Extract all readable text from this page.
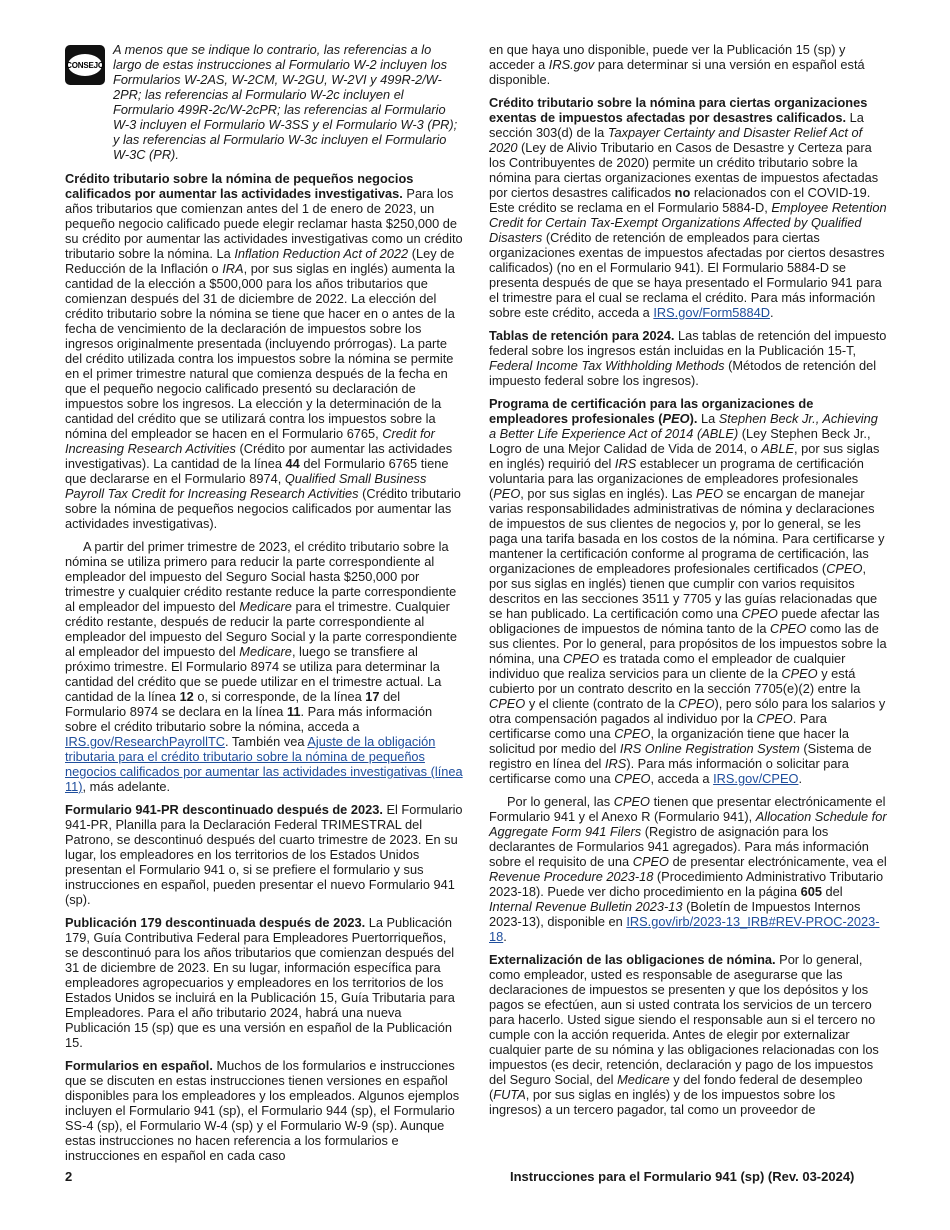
CONSEJO
A menos que se indique lo contrario, las referencias a lo largo de estas instrucciones al Formulario W-2 incluyen los Formularios W-2AS, W-2CM, W-2GU, W-2VI y 499R-2/W-2PR; las referencias al Formulario W-2c incluyen el Formulario 499R-2c/W-2cPR; las referencias al Formulario W-3 incluyen el Formulario W-3SS y el Formulario W-3 (PR); y las referencias al Formulario W-3c incluyen el Formulario W-3C (PR).

Crédito tributario sobre la nómina de pequeños negocios calificados por aumentar las actividades investigativas. Para los años tributarios que comienzan antes del 1 de enero de 2023, un pequeño negocio calificado puede elegir reclamar hasta $250,000 de su crédito por aumentar las actividades investigativas como un crédito tributario sobre la nómina. La Inflation Reduction Act of 2022 (Ley de Reducción de la Inflación o IRA, por sus siglas en inglés) aumenta la cantidad de la elección a $500,000 para los años tributarios que comienzan después del 31 de diciembre de 2022. La elección del crédito tributario sobre la nómina se tiene que hacer en o antes de la fecha de vencimiento de la declaración de impuestos sobre los ingresos originalmente presentada (incluyendo prórrogas). La parte del crédito utilizada contra los impuestos sobre la nómina se permite en el primer trimestre natural que comienza después de la fecha en que el pequeño negocio calificado presentó su declaración de impuestos sobre los ingresos. La elección y la determinación de la cantidad del crédito que se utilizará contra los impuestos sobre la nómina del empleador se hacen en el Formulario 6765, Credit for Increasing Research Activities (Crédito por aumentar las actividades investigativas). La cantidad de la línea 44 del Formulario 6765 tiene que declararse en el Formulario 8974, Qualified Small Business Payroll Tax Credit for Increasing Research Activities (Crédito tributario sobre la nómina de pequeños negocios calificados por aumentar las actividades investigativas).

A partir del primer trimestre de 2023, el crédito tributario sobre la nómina se utiliza primero para reducir la parte correspondiente al empleador del impuesto del Seguro Social hasta $250,000 por trimestre y cualquier crédito restante reduce la parte correspondiente al empleador del impuesto del Medicare para el trimestre. Cualquier crédito restante, después de reducir la parte correspondiente al empleador del impuesto del Seguro Social y la parte correspondiente al empleador del impuesto del Medicare, luego se transfiere al próximo trimestre. El Formulario 8974 se utiliza para determinar la cantidad del crédito que se puede utilizar en el trimestre actual. La cantidad de la línea 12 o, si corresponde, de la línea 17 del Formulario 8974 se declara en la línea 11. Para más información sobre el crédito tributario sobre la nómina, acceda a IRS.gov/ResearchPayrollTC. También vea Ajuste de la obligación tributaria para el crédito tributario sobre la nómina de pequeños negocios calificados por aumentar las actividades investigativas (línea 11), más adelante.

Formulario 941-PR descontinuado después de 2023. El Formulario 941-PR, Planilla para la Declaración Federal TRIMESTRAL del Patrono, se descontinuó después del cuarto trimestre de 2023. En su lugar, los empleadores en los territorios de los Estados Unidos presentan el Formulario 941 o, si se prefiere el formulario y sus instrucciones en español, pueden presentar el nuevo Formulario 941 (sp).

Publicación 179 descontinuada después de 2023. La Publicación 179, Guía Contributiva Federal para Empleadores Puertorriqueños, se descontinuó para los años tributarios que comienzan después del 31 de diciembre de 2023. En su lugar, información específica para empleadores agropecuarios y empleadores en los territorios de los Estados Unidos se incluirá en la Publicación 15, Guía Tributaria para Empleadores. Para el año tributario 2024, habrá una nueva Publicación 15 (sp) que es una versión en español de la Publicación 15.

Formularios en español. Muchos de los formularios e instrucciones que se discuten en estas instrucciones tienen versiones en español disponibles para los empleadores y los empleados. Algunos ejemplos incluyen el Formulario 941 (sp), el Formulario 944 (sp), el Formulario SS-4 (sp), el Formulario W-4 (sp) y el Formulario W-9 (sp). Aunque estas instrucciones no hacen referencia a los formularios e instrucciones en español en cada caso

en que haya uno disponible, puede ver la Publicación 15 (sp) y acceder a IRS.gov para determinar si una versión en español está disponible.

Crédito tributario sobre la nómina para ciertas organizaciones exentas de impuestos afectadas por desastres calificados. La sección 303(d) de la Taxpayer Certainty and Disaster Relief Act of 2020 (Ley de Alivio Tributario en Casos de Desastre y Certeza para los Contribuyentes de 2020) permite un crédito tributario sobre la nómina para ciertas organizaciones exentas de impuestos afectadas por ciertos desastres calificados no relacionados con el COVID-19. Este crédito se reclama en el Formulario 5884-D, Employee Retention Credit for Certain Tax-Exempt Organizations Affected by Qualified Disasters (Crédito de retención de empleados para ciertas organizaciones exentas de impuestos afectadas por ciertos desastres calificados) (no en el Formulario 941). El Formulario 5884-D se presenta después de que se haya presentado el Formulario 941 para el trimestre para el cual se reclama el crédito. Para más información sobre este crédito, acceda a IRS.gov/Form5884D.

Tablas de retención para 2024. Las tablas de retención del impuesto federal sobre los ingresos están incluidas en la Publicación 15-T, Federal Income Tax Withholding Methods (Métodos de retención del impuesto federal sobre los ingresos).

Programa de certificación para las organizaciones de empleadores profesionales (PEO). La Stephen Beck Jr., Achieving a Better Life Experience Act of 2014 (ABLE) (Ley Stephen Beck Jr., Logro de una Mejor Calidad de Vida de 2014, o ABLE, por sus siglas en inglés) requirió del IRS establecer un programa de certificación voluntaria para las organizaciones de empleadores profesionales (PEO, por sus siglas en inglés). Las PEO se encargan de manejar varias responsabilidades administrativas de nómina y declaraciones de impuestos de sus clientes de negocios y, por lo general, se les paga una tarifa basada en los costos de la nómina. Para certificarse y mantener la certificación conforme al programa de certificación, las organizaciones de empleadores profesionales certificados (CPEO, por sus siglas en inglés) tienen que cumplir con varios requisitos descritos en las secciones 3511 y 7705 y las guías relacionadas que se han publicado. La certificación como una CPEO puede afectar las obligaciones de impuestos de nómina tanto de la CPEO como las de sus clientes. Por lo general, para propósitos de los impuestos sobre la nómina, una CPEO es tratada como el empleador de cualquier individuo que realiza servicios para un cliente de la CPEO y está cubierto por un contrato descrito en la sección 7705(e)(2) entre la CPEO y el cliente (contrato de la CPEO), pero sólo para los salarios y otra compensación pagados al individuo por la CPEO. Para certificarse como una CPEO, la organización tiene que hacer la solicitud por medio del IRS Online Registration System (Sistema de registro en línea del IRS). Para más información o solicitar para certificarse como una CPEO, acceda a IRS.gov/CPEO.

Por lo general, las CPEO tienen que presentar electrónicamente el Formulario 941 y el Anexo R (Formulario 941), Allocation Schedule for Aggregate Form 941 Filers (Registro de asignación para los declarantes de Formularios 941 agregados). Para más información sobre el requisito de una CPEO de presentar electrónicamente, vea el Revenue Procedure 2023-18 (Procedimiento Administrativo Tributario 2023-18). Puede ver dicho procedimiento en la página 605 del Internal Revenue Bulletin 2023-13 (Boletín de Impuestos Internos 2023-13), disponible en IRS.gov/irb/2023-13_IRB#REV-PROC-2023-18.

Externalización de las obligaciones de nómina. Por lo general, como empleador, usted es responsable de asegurarse que las declaraciones de impuestos se presenten y que los depósitos y los pagos se efectúen, aun si usted contrata los servicios de un tercero para hacerlo. Usted sigue siendo el responsable aun si el tercero no cumple con la acción requerida. Antes de elegir por externalizar cualquier parte de su nómina y las obligaciones relacionadas con los impuestos (es decir, retención, declaración y pago de los impuestos del Seguro Social, del Medicare y del fondo federal de desempleo (FUTA, por sus siglas en inglés) y de los impuestos sobre los ingresos) a un tercero pagador, tal como un proveedor de

2	Instrucciones para el Formulario 941 (sp) (Rev. 03-2024)
